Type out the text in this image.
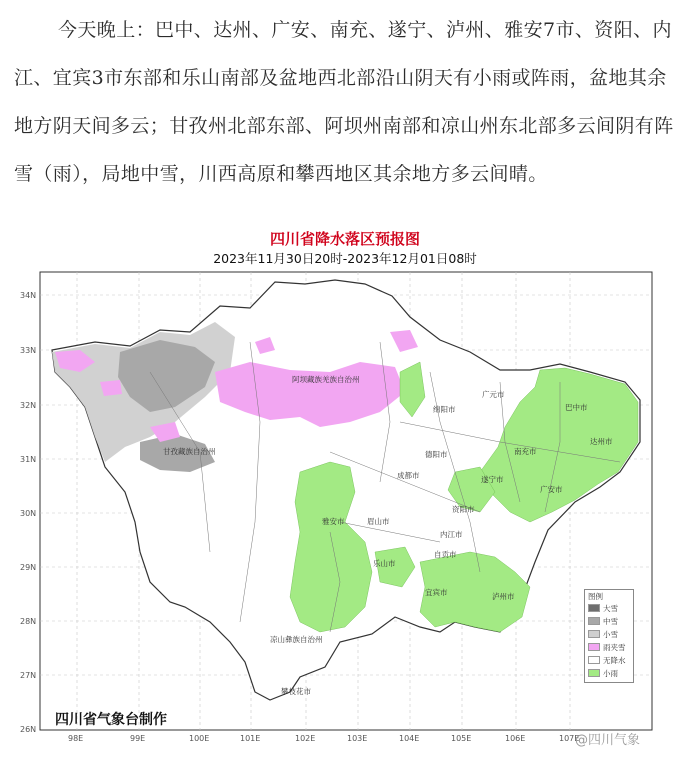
今天晚上：巴中、达州、广安、南充、遂宁、泸州、雅安7市、资阳、内江、宜宾3市东部和乐山南部及盆地西北部沿山阴天有小雨或阵雨，盆地其余地方阴天间多云；甘孜州北部东部、阿坝州南部和凉山州东北部多云间阴有阵雪（雨），局地中雪，川西高原和攀西地区其余地方多云间晴。

四川省降水落区预报图
2023年11月30日20时-2023年12月01日08时
阿坝藏族羌族自治州
甘孜藏族自治州
凉山彝族自治州
广元市
巴中市
绵阳市
达州市
南充市
德阳市
广安市
成都市	遂宁市
资阳市
雅安市	眉山市
内江市
乐山市
自贡市
宜宾市	泸州市
攀枝花市
34N
33N
32N
31N
30N
29N
28N
27N
26N
98E	99E	100E	101E	102E	103E	104E	105E	106E	107E
图例
大雪
中雪
小雪
雨夹雪
无降水
小雨
四川省气象台制作
@四川气象
